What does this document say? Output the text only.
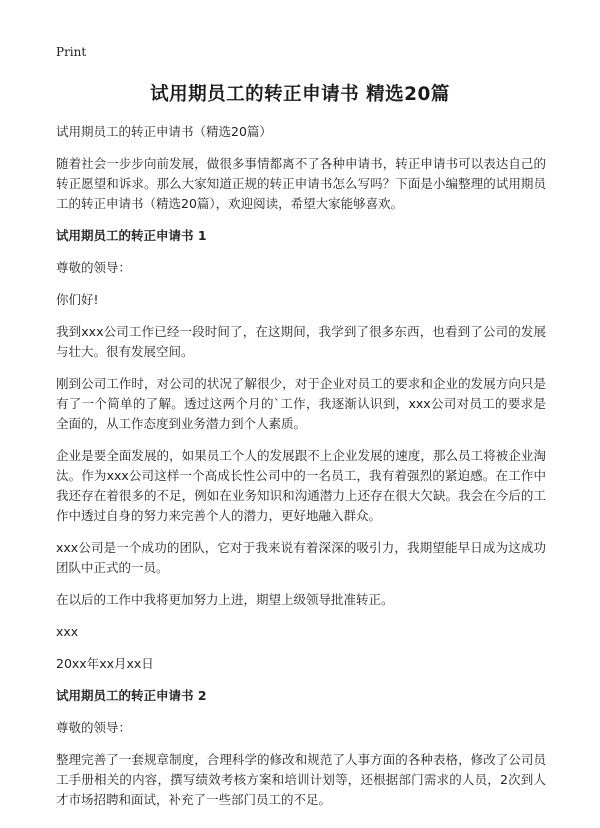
Print
试用期员工的转正申请书 精选20篇
试用期员工的转正申请书（精选20篇）

随着社会一步步向前发展，做很多事情都离不了各种申请书，转正申请书可以表达自己的转正愿望和诉求。那么大家知道正规的转正申请书怎么写吗？下面是小编整理的试用期员工的转正申请书（精选20篇），欢迎阅读，希望大家能够喜欢。

试用期员工的转正申请书 1
尊敬的领导：
你们好!

我到xxx公司工作已经一段时间了，在这期间，我学到了很多东西，也看到了公司的发展与壮大。很有发展空间。

刚到公司工作时，对公司的状况了解很少，对于企业对员工的要求和企业的发展方向只是有了一个简单的了解。透过这两个月的`工作，我逐渐认识到，xxx公司对员工的要求是全面的，从工作态度到业务潜力到个人素质。

企业是要全面发展的，如果员工个人的发展跟不上企业发展的速度，那么员工将被企业淘汰。作为xxx公司这样一个高成长性公司中的一名员工，我有着强烈的紧迫感。在工作中我还存在着很多的不足，例如在业务知识和沟通潜力上还存在很大欠缺。我会在今后的工作中透过自身的努力来完善个人的潜力，更好地融入群众。

xxx公司是一个成功的团队，它对于我来说有着深深的吸引力，我期望能早日成为这成功团队中正式的一员。

在以后的工作中我将更加努力上进，期望上级领导批准转正。

xxx
20xx年xx月xx日
试用期员工的转正申请书 2
尊敬的领导：

整理完善了一套规章制度，合理科学的修改和规范了人事方面的各种表格，修改了公司员工手册相关的内容，撰写绩效考核方案和培训计划等，还根据部门需求的人员，2次到人才市场招聘和面试，补充了一些部门员工的不足。
